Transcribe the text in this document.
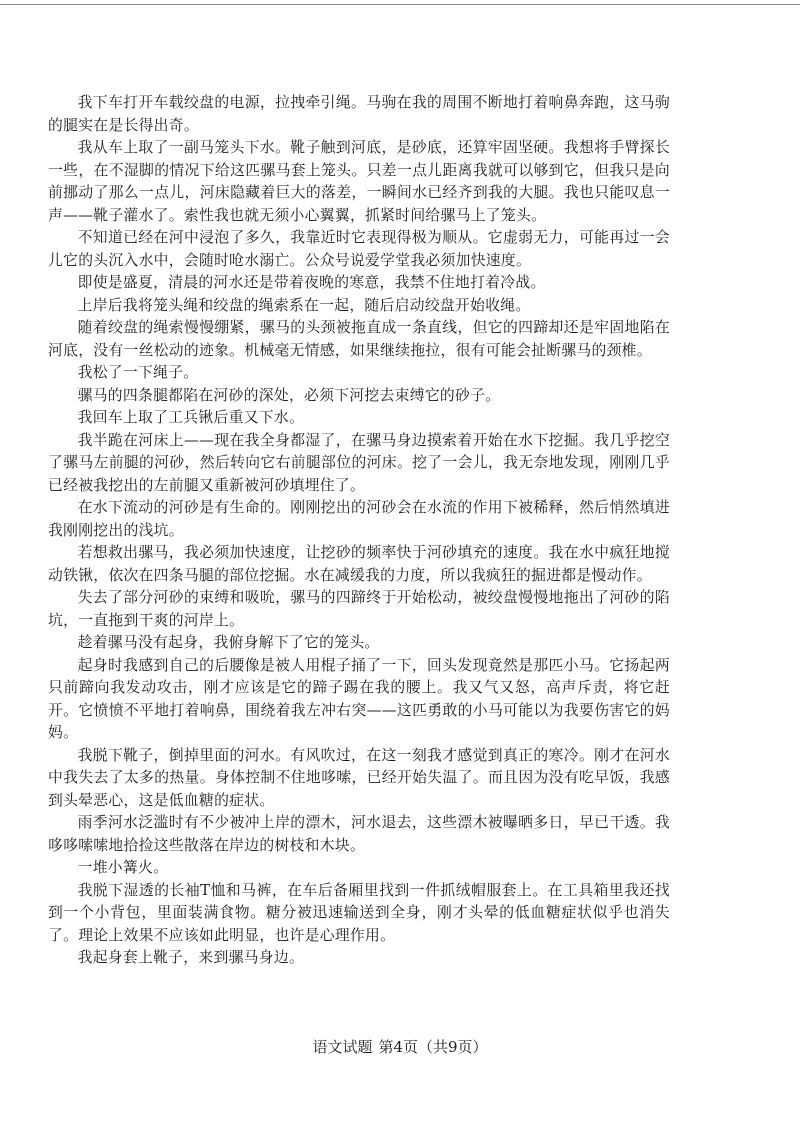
我下车打开车载绞盘的电源，拉拽牵引绳。马驹在我的周围不断地打着响鼻奔跑，这马驹的腿实在是长得出奇。

我从车上取了一副马笼头下水。靴子触到河底，是砂底，还算牢固坚硬。我想将手臂探长一些，在不湿脚的情况下给这匹骡马套上笼头。只差一点儿距离我就可以够到它，但我只是向前挪动了那么一点儿，河床隐藏着巨大的落差，一瞬间水已经齐到我的大腿。我也只能叹息一声——靴子灌水了。索性我也就无须小心翼翼，抓紧时间给骡马上了笼头。

不知道已经在河中浸泡了多久，我靠近时它表现得极为顺从。它虚弱无力，可能再过一会儿它的头沉入水中，会随时呛水溺亡。公众号说爱学堂我必须加快速度。

即使是盛夏，清晨的河水还是带着夜晚的寒意，我禁不住地打着冷战。

上岸后我将笼头绳和绞盘的绳索系在一起，随后启动绞盘开始收绳。

随着绞盘的绳索慢慢绷紧，骡马的头颈被拖直成一条直线，但它的四蹄却还是牢固地陷在河底，没有一丝松动的迹象。机械毫无情感，如果继续拖拉，很有可能会扯断骡马的颈椎。

我松了一下绳子。

骡马的四条腿都陷在河砂的深处，必须下河挖去束缚它的砂子。

我回车上取了工兵锹后重又下水。

我半跪在河床上——现在我全身都湿了，在骡马身边摸索着开始在水下挖掘。我几乎挖空了骡马左前腿的河砂，然后转向它右前腿部位的河床。挖了一会儿，我无奈地发现，刚刚几乎已经被我挖出的左前腿又重新被河砂填埋住了。

在水下流动的河砂是有生命的。刚刚挖出的河砂会在水流的作用下被稀释，然后悄然填进我刚刚挖出的浅坑。

若想救出骡马，我必须加快速度，让挖砂的频率快于河砂填充的速度。我在水中疯狂地搅动铁锹，依次在四条马腿的部位挖掘。水在减缓我的力度，所以我疯狂的掘进都是慢动作。

失去了部分河砂的束缚和吸吮，骡马的四蹄终于开始松动，被绞盘慢慢地拖出了河砂的陷坑，一直拖到干爽的河岸上。

趁着骡马没有起身，我俯身解下了它的笼头。

起身时我感到自己的后腰像是被人用棍子捅了一下，回头发现竟然是那匹小马。它扬起两只前蹄向我发动攻击，刚才应该是它的蹄子踢在我的腰上。我又气又怒，高声斥责，将它赶开。它愤愤不平地打着响鼻，围绕着我左冲右突——这匹勇敢的小马可能以为我要伤害它的妈妈。

我脱下靴子，倒掉里面的河水。有风吹过，在这一刻我才感觉到真正的寒冷。刚才在河水中我失去了太多的热量。身体控制不住地哆嗦，已经开始失温了。而且因为没有吃早饭，我感到头晕恶心，这是低血糖的症状。

雨季河水泛滥时有不少被冲上岸的漂木，河水退去，这些漂木被曝晒多日，早已干透。我哆哆嗦嗦地拾捡这些散落在岸边的树枝和木块。

一堆小篝火。

我脱下湿透的长袖T恤和马裤，在车后备厢里找到一件抓绒帽服套上。在工具箱里我还找到一个小背包，里面装满食物。糖分被迅速输送到全身，刚才头晕的低血糖症状似乎也消失了。理论上效果不应该如此明显，也许是心理作用。

我起身套上靴子，来到骡马身边。

语文试题 第4页（共9页）
